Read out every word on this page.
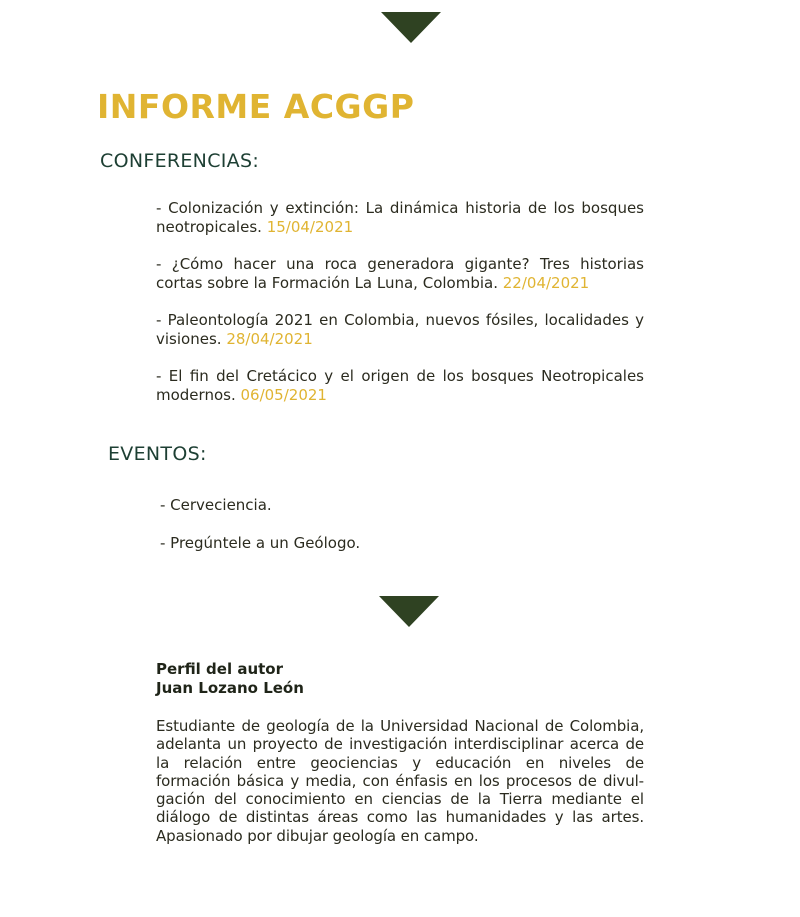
INFORME ACGGP
CONFERENCIAS:
- Colonización y extinción: La dinámica historia de los bosques neotropicales. 15/04/2021
- ¿Cómo hacer una roca generadora gigante? Tres historias cortas sobre la Formación La Luna, Colombia. 22/04/2021
- Paleontología 2021 en Colombia, nuevos fósiles, localidades y visiones. 28/04/2021
- El fin del Cretácico y el origen de los bosques Neotropicales modernos. 06/05/2021
EVENTOS:
- Cerveciencia.
- Pregúntele a un Geólogo.
Perfil del autor
Juan Lozano León

Estudiante de geología de la Universidad Nacional de Colombia, adelanta un proyecto de investigación interdisciplinar acerca de la relación entre geociencias y educación en niveles de formación básica y media, con énfasis en los procesos de divul-gación del conocimiento en ciencias de la Tierra mediante el diálogo de distintas áreas como las humanidades y las artes. Apasionado por dibujar geología en campo.
